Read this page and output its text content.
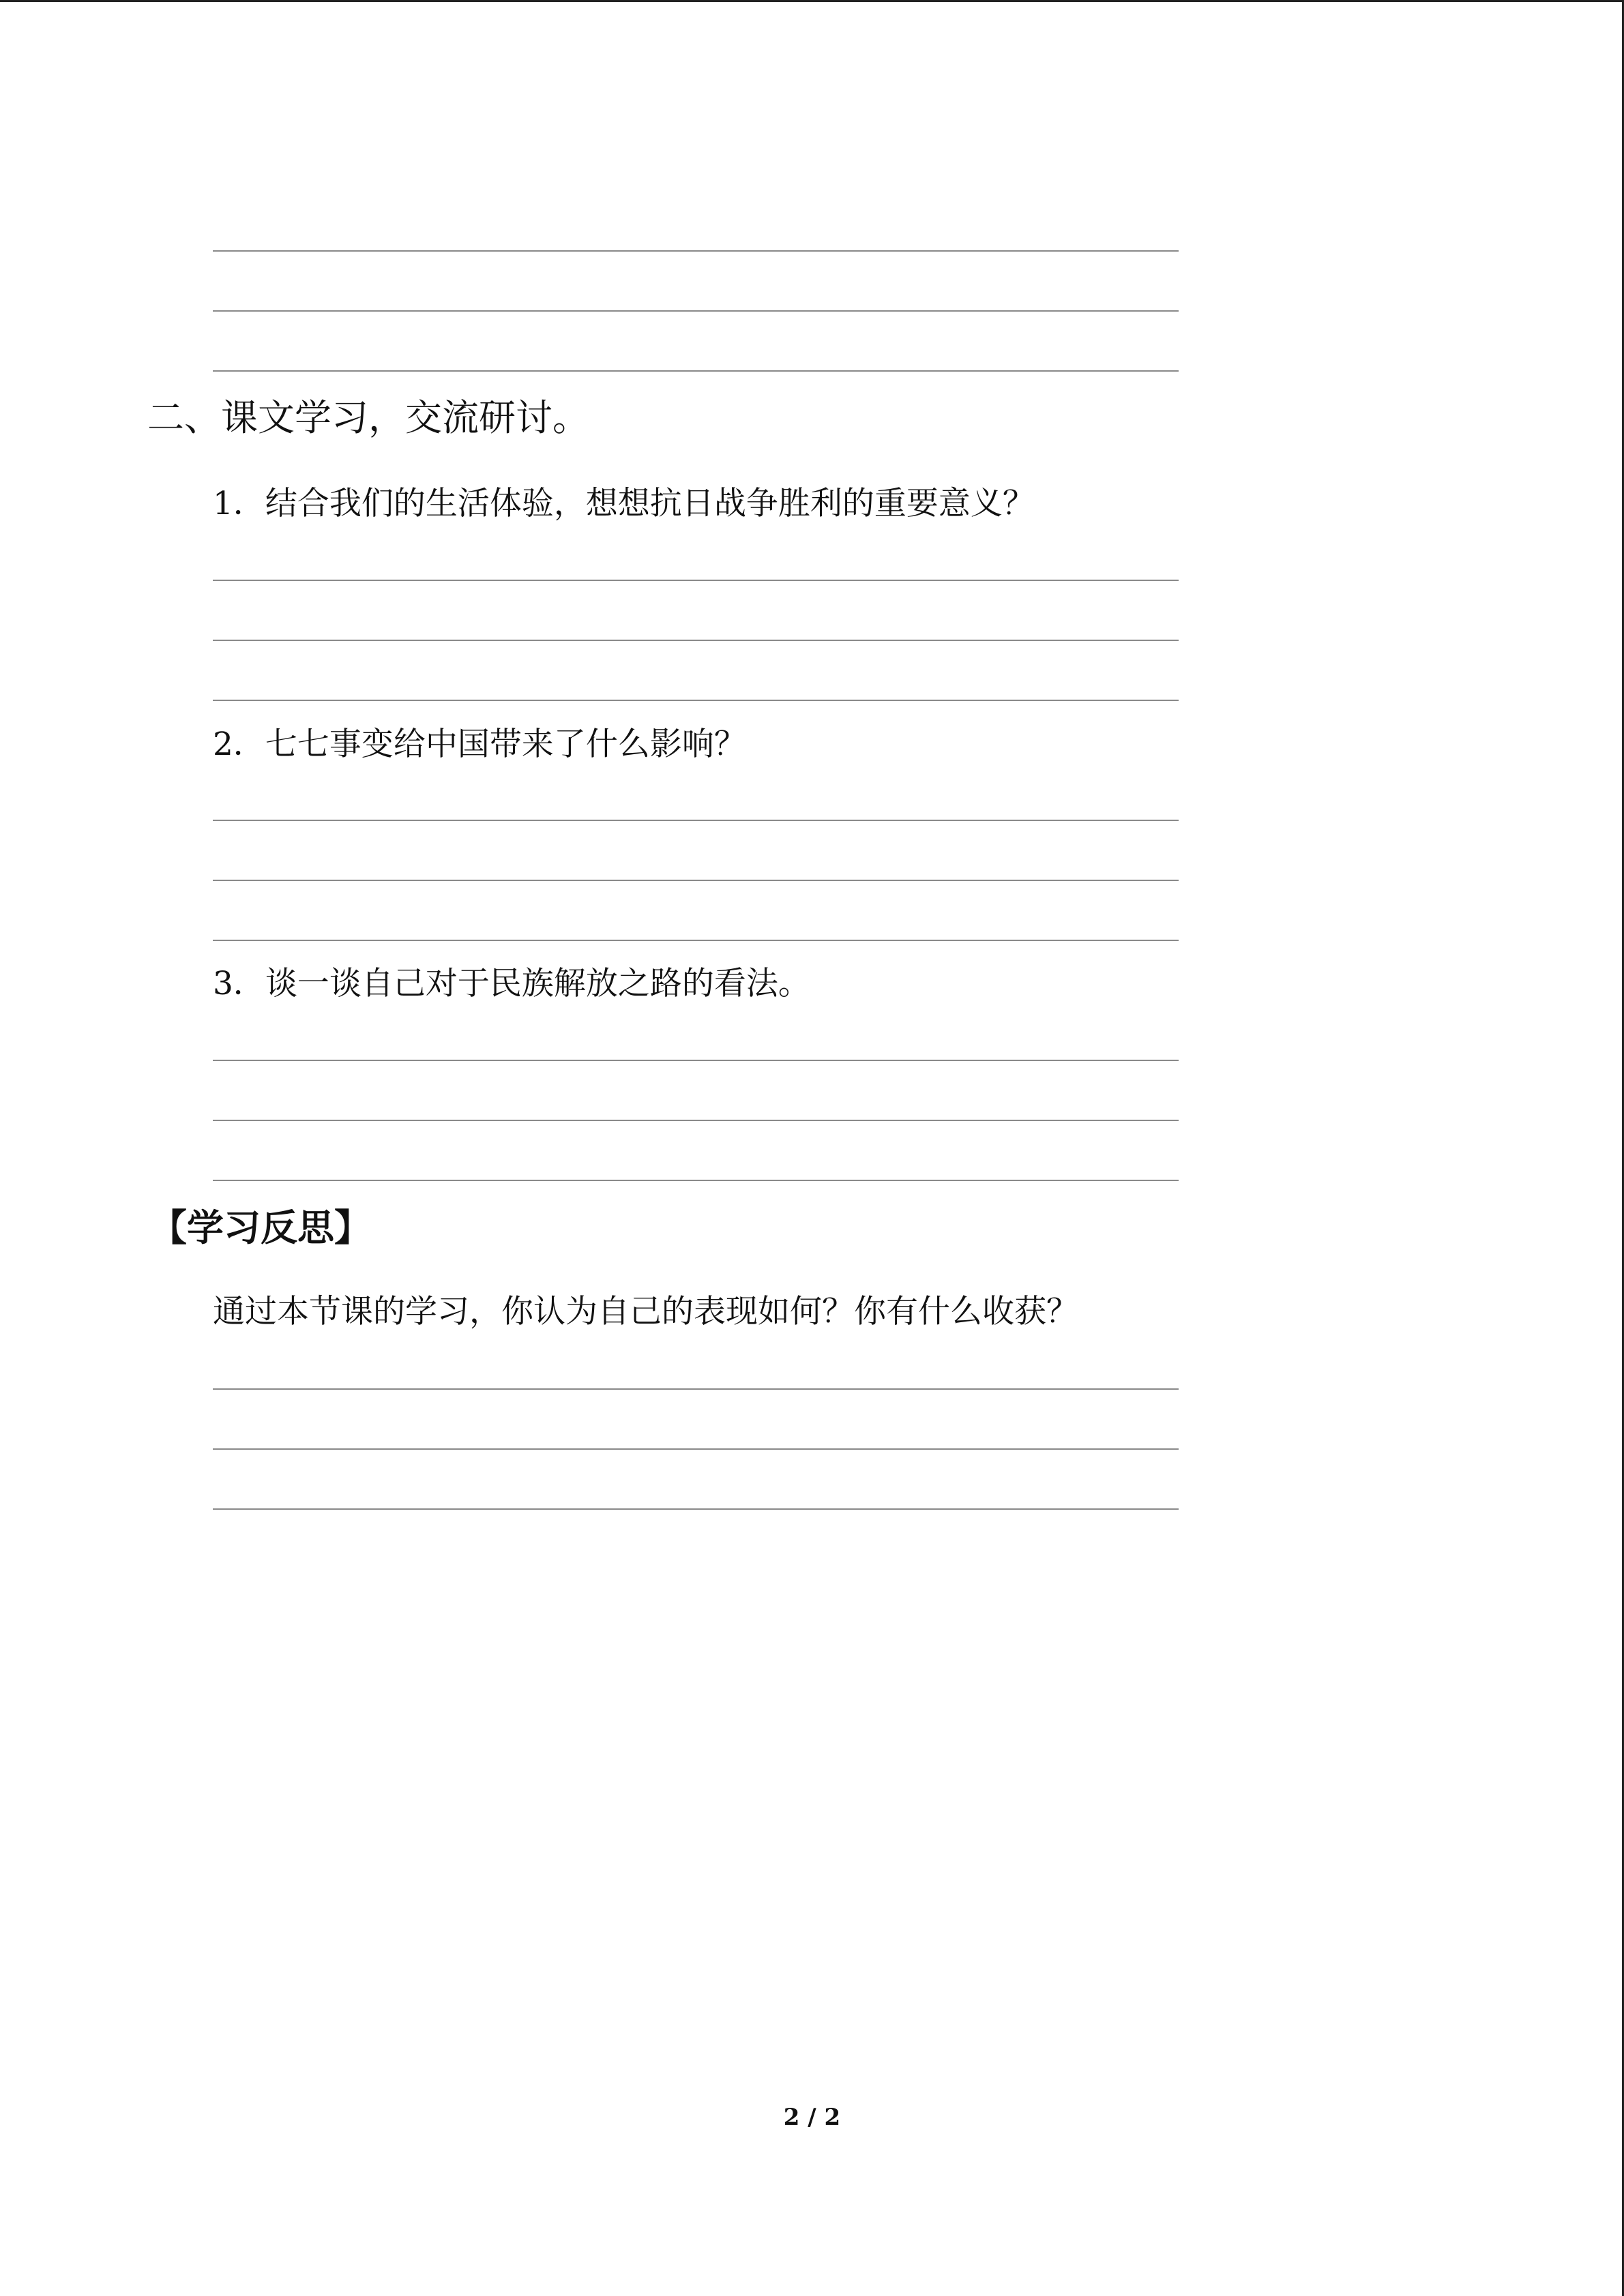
二、课文学习，交流研讨。
1．结合我们的生活体验，想想抗日战争胜利的重要意义？
2．七七事变给中国带来了什么影响？
3．谈一谈自己对于民族解放之路的看法。
【学习反思】
通过本节课的学习，你认为自己的表现如何？你有什么收获？
2 / 2
